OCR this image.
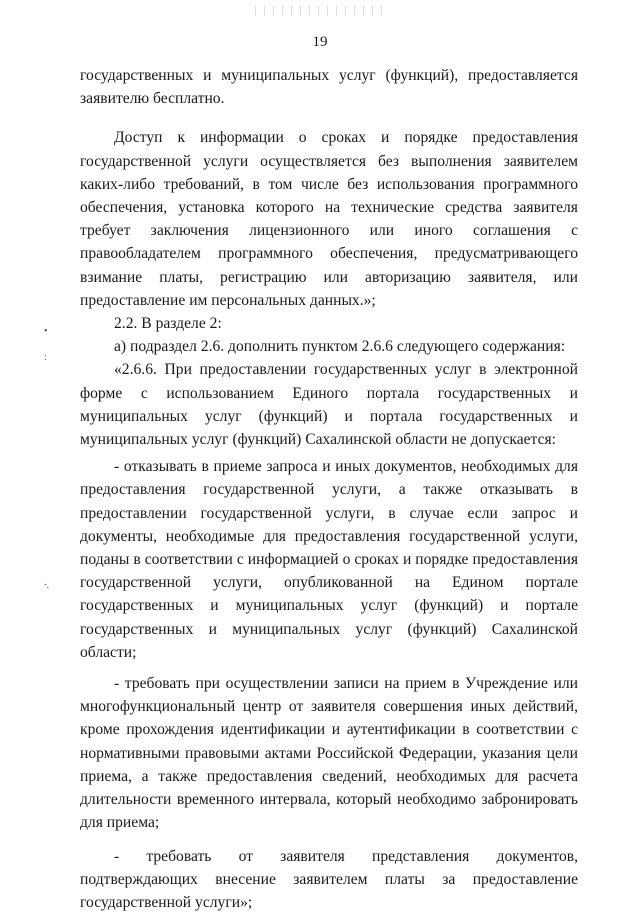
19
•
:
⸱.

государственных и муниципальных услуг (функций), предоставляется заявителю бесплатно.

Доступ к информации о сроках и порядке предоставления государственной услуги осуществляется без выполнения заявителем каких-либо требований, в том числе без использования программного обеспечения, установка которого на технические средства заявителя требует заключения лицензионного или иного соглашения с правообладателем программного обеспечения, предусматривающего взимание платы, регистрацию или авторизацию заявителя, или предоставление им персональных данных.»;

2.2. В разделе 2:

а) подраздел 2.6. дополнить пунктом 2.6.6 следующего содержания:

«2.6.6. При предоставлении государственных услуг в электронной форме с использованием Единого портала государственных и муниципальных услуг (функций) и портала государственных и муниципальных услуг (функций) Сахалинской области не допускается:

- отказывать в приеме запроса и иных документов, необходимых для предоставления государственной услуги, а также отказывать в предоставлении государственной услуги, в случае если запрос и документы, необходимые для предоставления государственной услуги, поданы в соответствии с информацией о сроках и порядке предоставления государственной услуги, опубликованной на Едином портале государственных и муниципальных услуг (функций) и портале государственных и муниципальных услуг (функций) Сахалинской области;

- требовать при осуществлении записи на прием в Учреждение или многофункциональный центр от заявителя совершения иных действий, кроме прохождения идентификации и аутентификации в соответствии с нормативными правовыми актами Российской Федерации, указания цели приема, а также предоставления сведений, необходимых для расчета длительности временного интервала, который необходимо забронировать для приема;

- требовать от заявителя представления документов, подтверждающих внесение заявителем платы за предоставление государственной услуги»;
